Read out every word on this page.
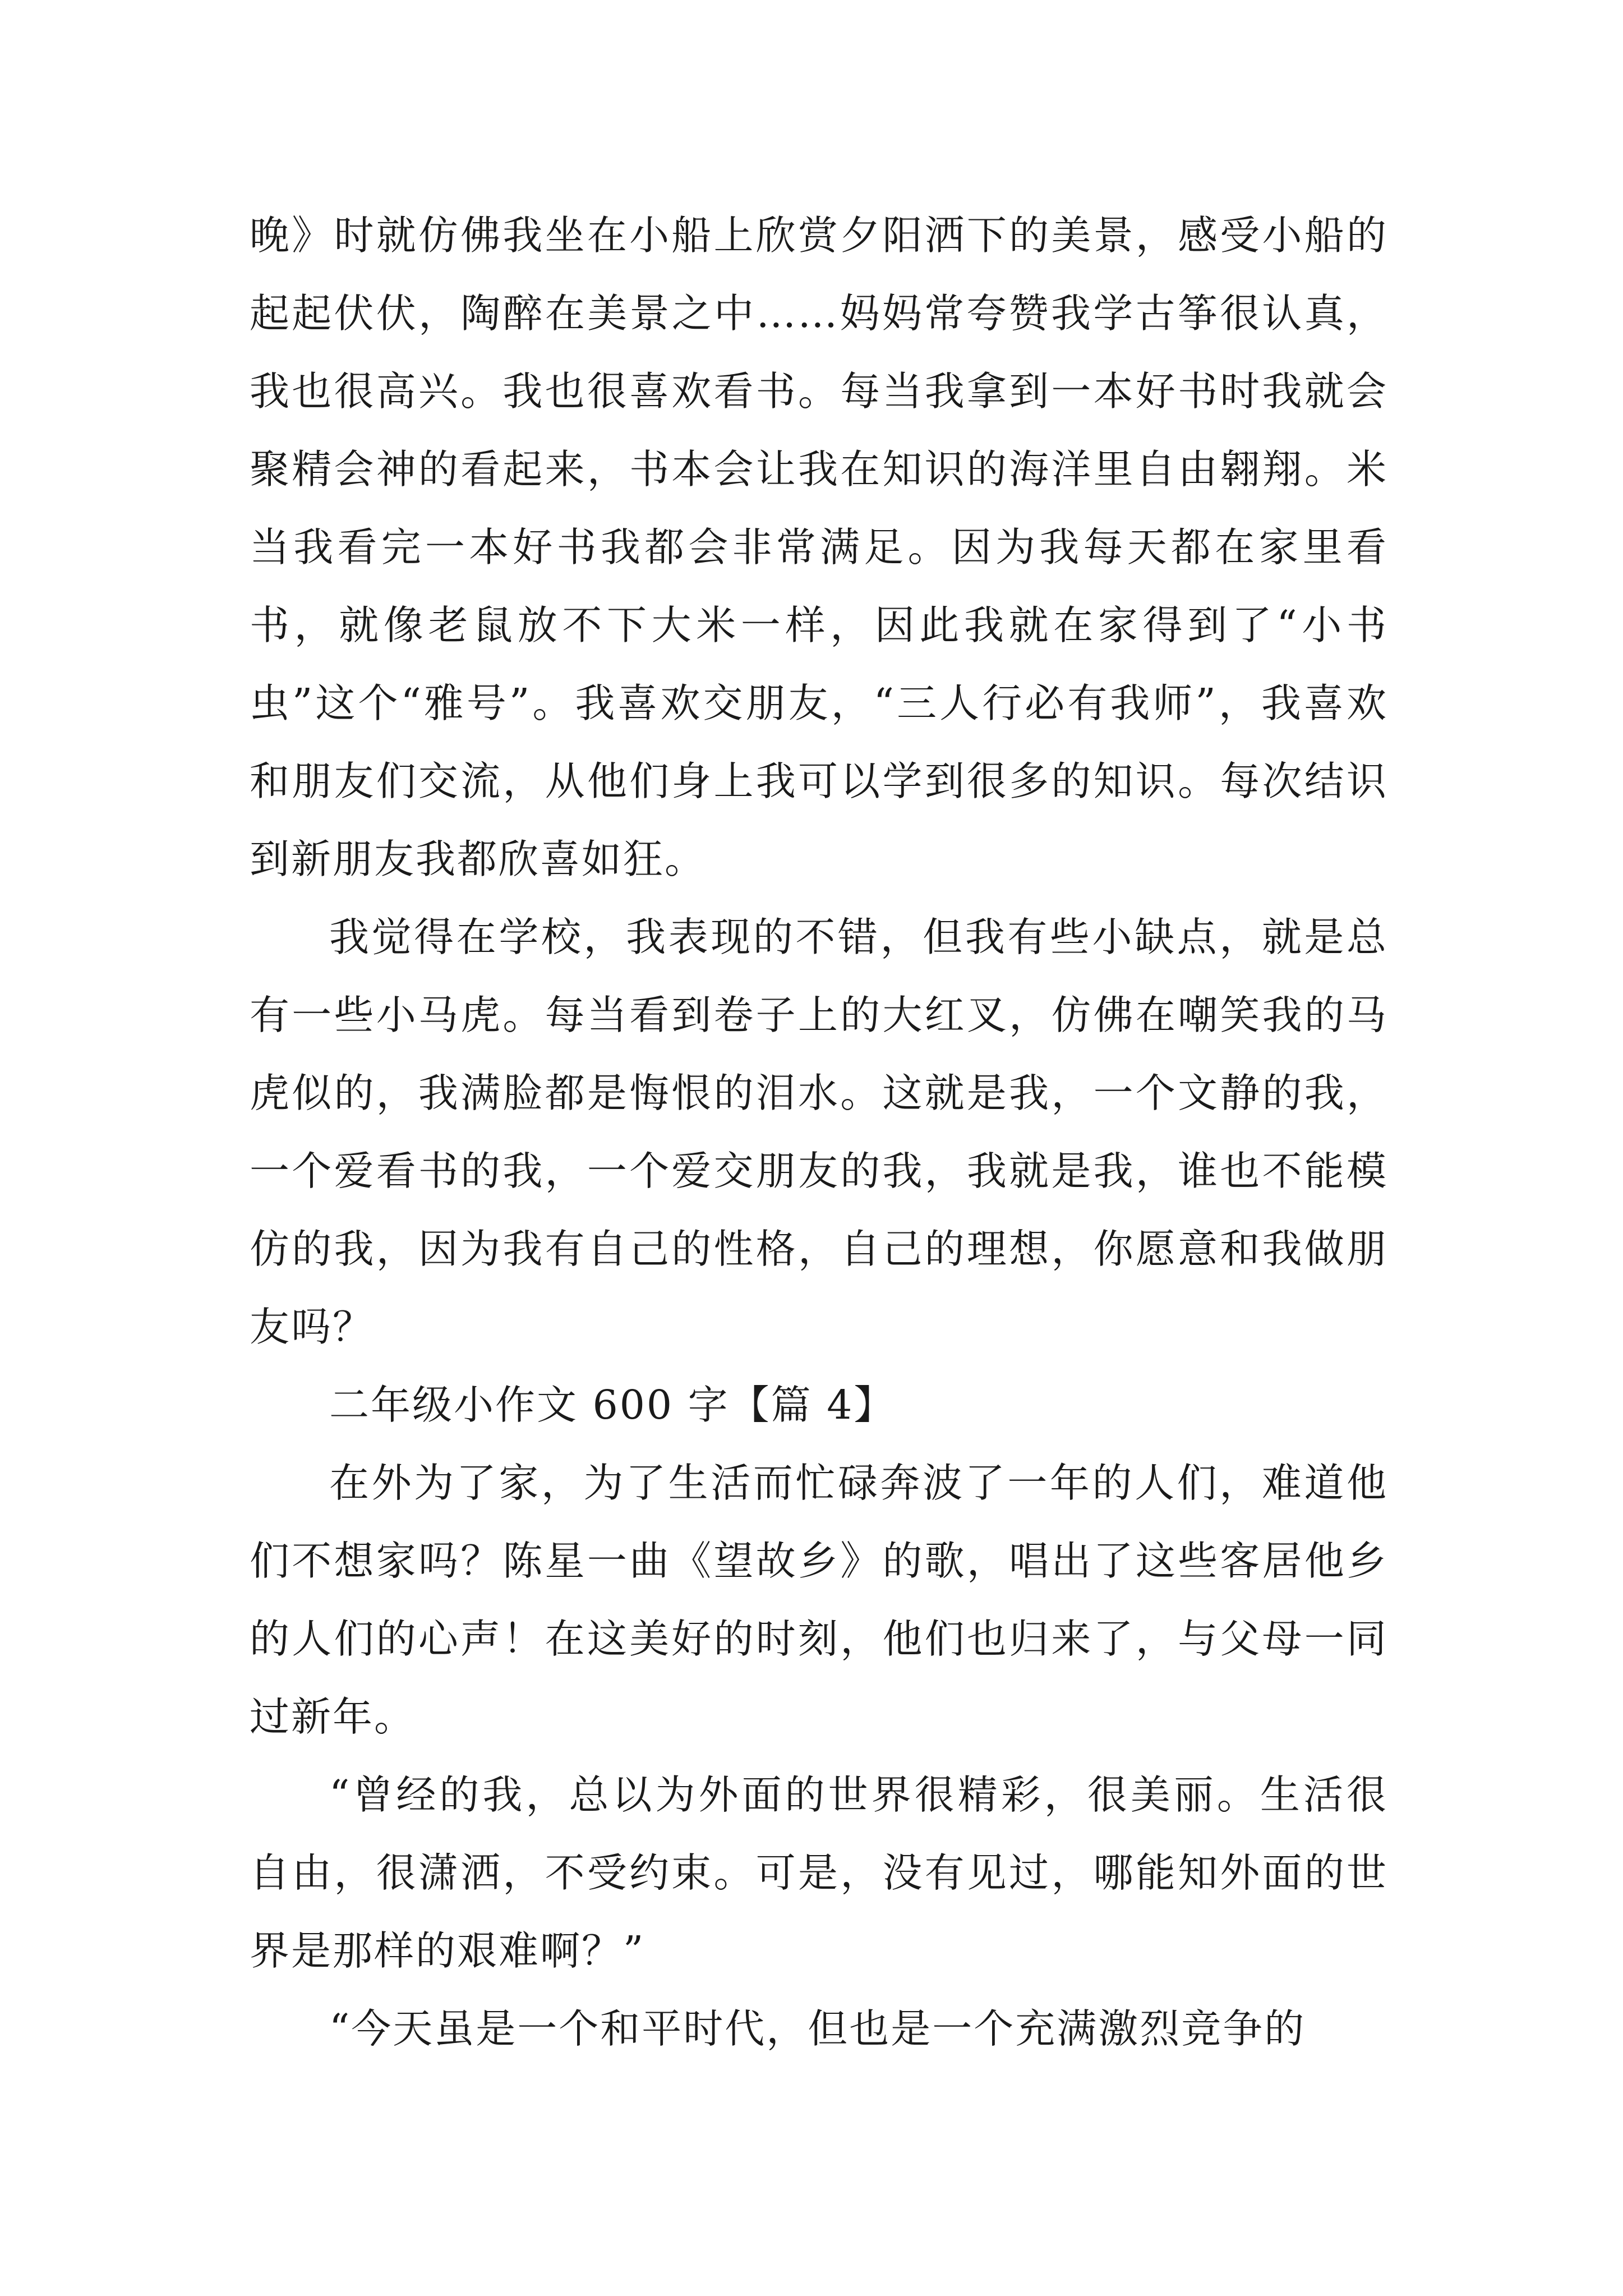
晚》时就仿佛我坐在小船上欣赏夕阳洒下的美景，感受小船的起起伏伏，陶醉在美景之中……妈妈常夸赞我学古筝很认真，我也很高兴。我也很喜欢看书。每当我拿到一本好书时我就会聚精会神的看起来，书本会让我在知识的海洋里自由翱翔。米当我看完一本好书我都会非常满足。因为我每天都在家里看书，就像老鼠放不下大米一样，因此我就在家得到了“小书虫”这个“雅号”。我喜欢交朋友，“三人行必有我师”，我喜欢和朋友们交流，从他们身上我可以学到很多的知识。每次结识到新朋友我都欣喜如狂。

我觉得在学校，我表现的不错，但我有些小缺点，就是总有一些小马虎。每当看到卷子上的大红叉，仿佛在嘲笑我的马虎似的，我满脸都是悔恨的泪水。这就是我，一个文静的我，一个爱看书的我，一个爱交朋友的我，我就是我，谁也不能模仿的我，因为我有自己的性格，自己的理想，你愿意和我做朋友吗？

二年级小作文 600 字【篇 4】

在外为了家，为了生活而忙碌奔波了一年的人们，难道他们不想家吗？陈星一曲《望故乡》的歌，唱出了这些客居他乡的人们的心声！在这美好的时刻，他们也归来了，与父母一同过新年。

“曾经的我，总以为外面的世界很精彩，很美丽。生活很自由，很潇洒，不受约束。可是，没有见过，哪能知外面的世界是那样的艰难啊？”

“今天虽是一个和平时代，但也是一个充满激烈竞争的
